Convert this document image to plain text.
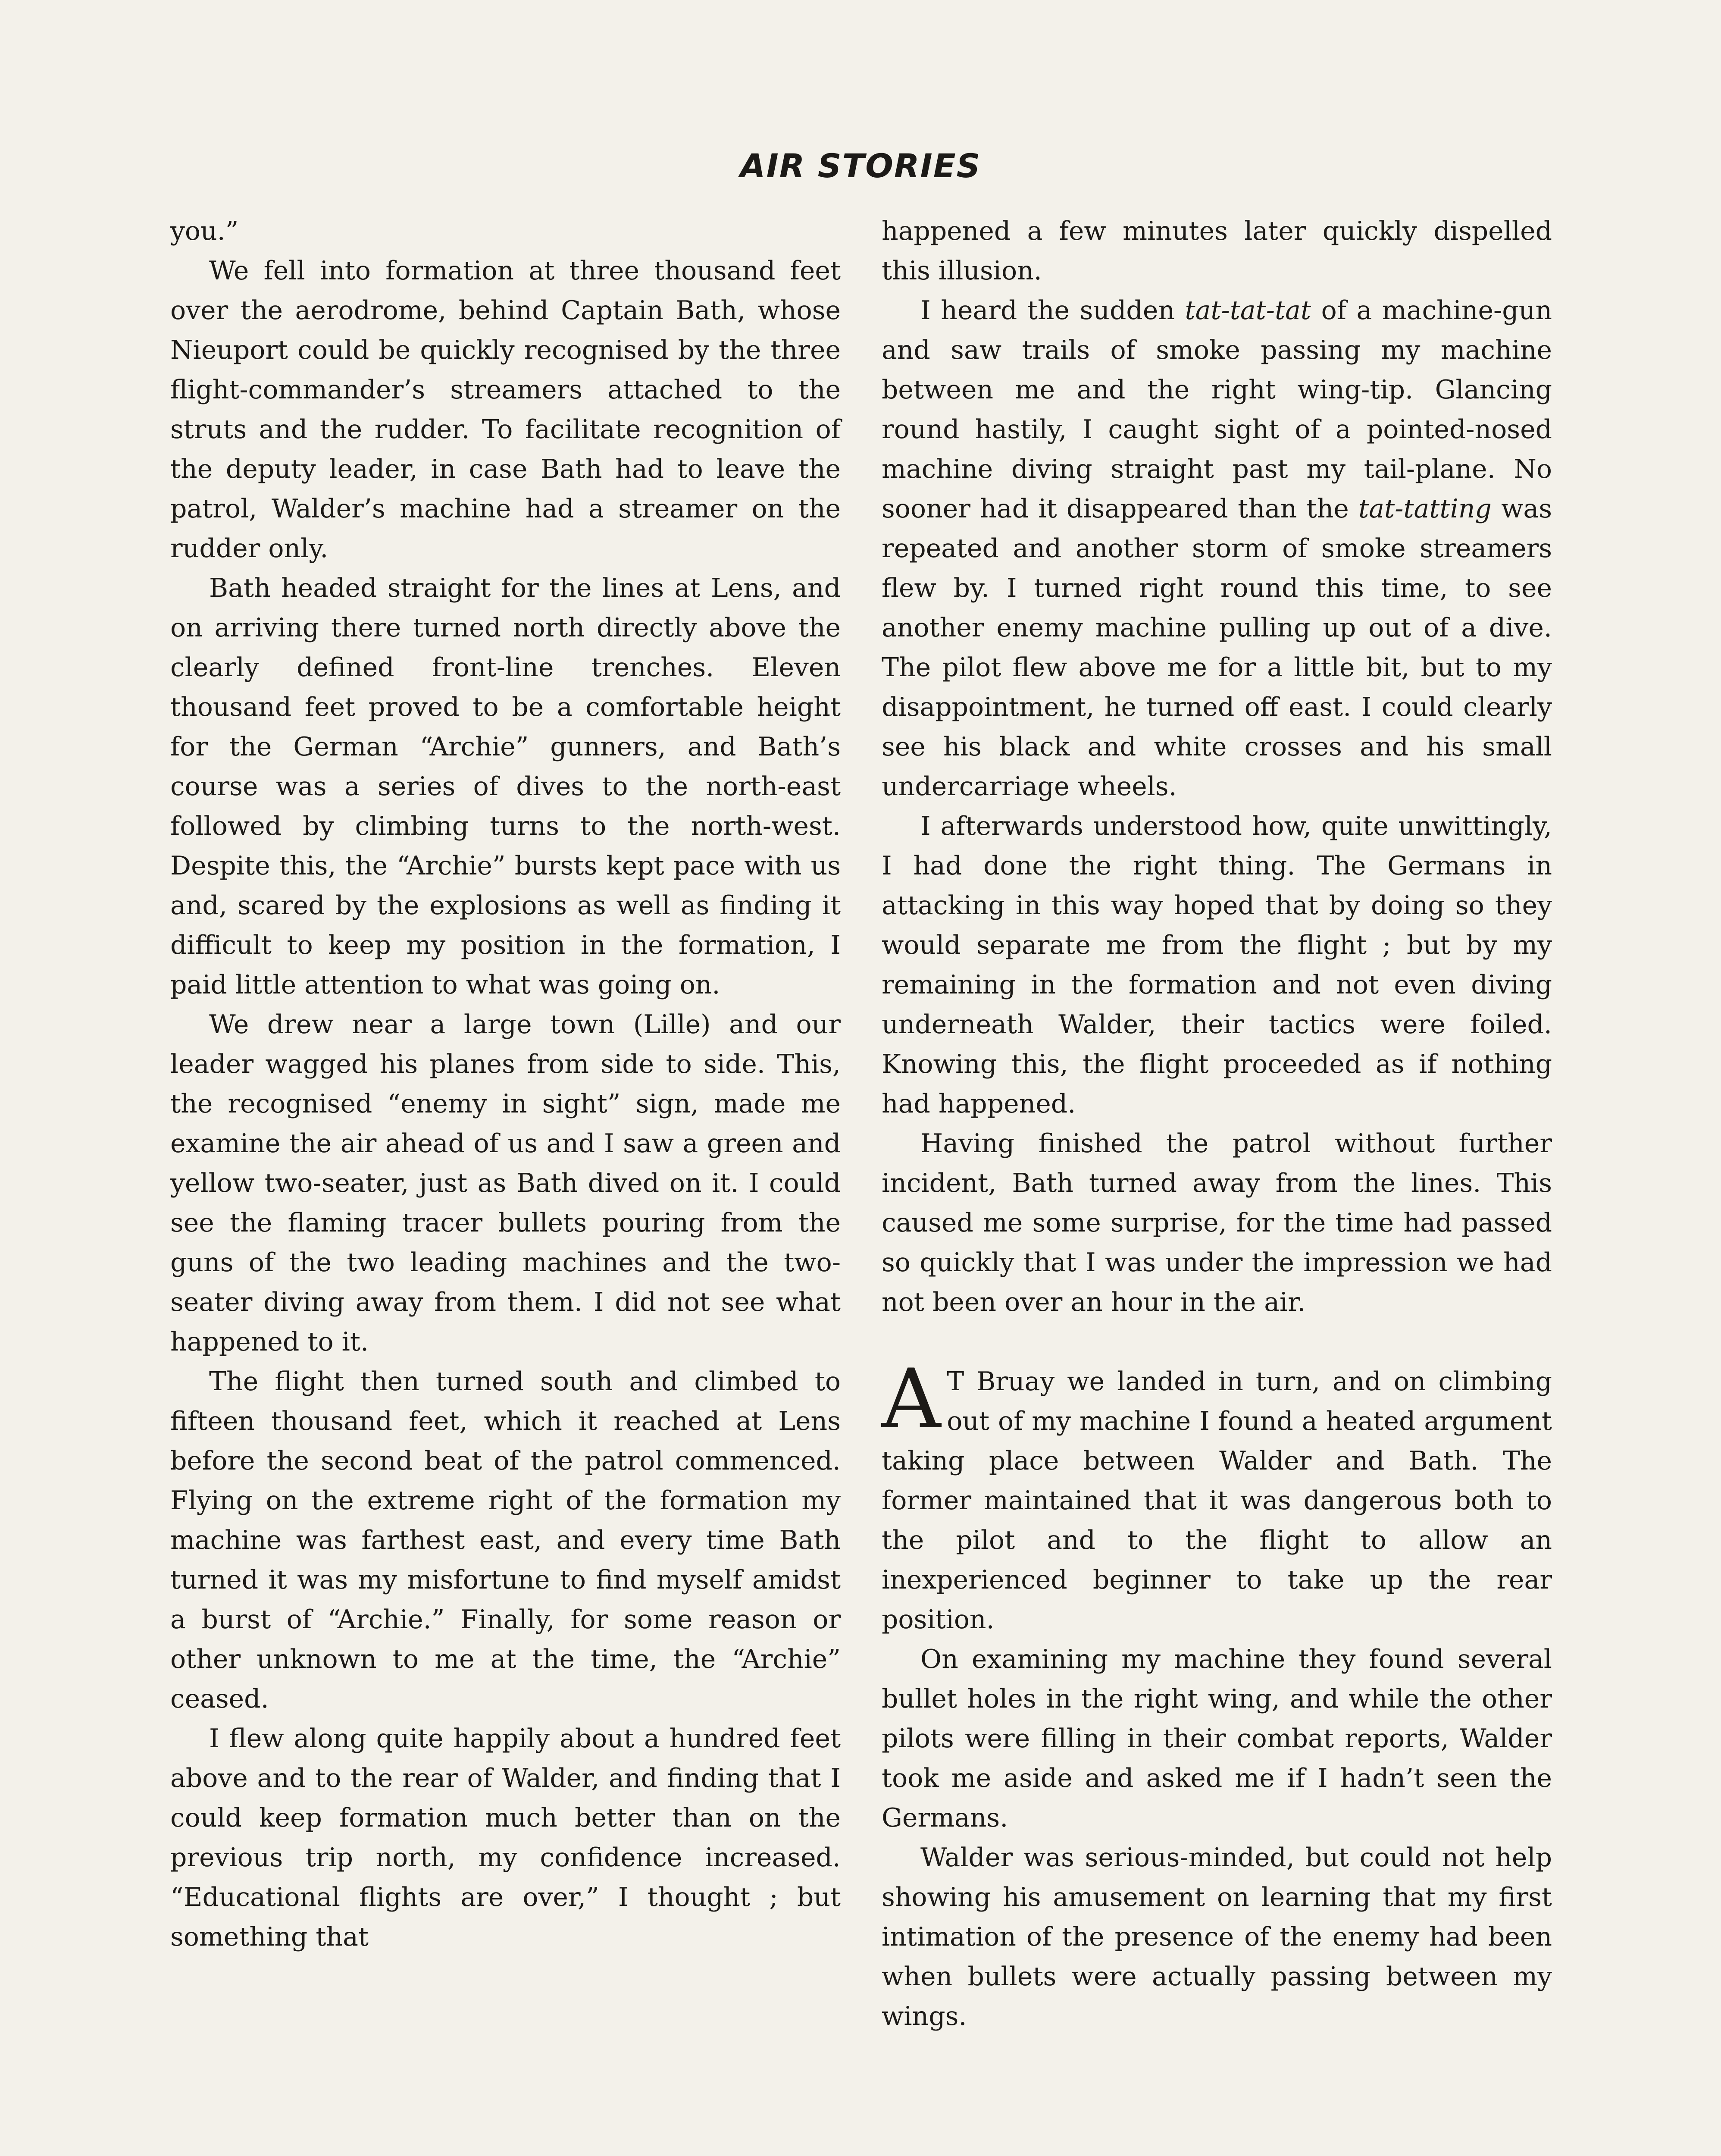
AIR STORIES

you.”

We fell into formation at three thousand feet over the aerodrome, behind Captain Bath, whose Nieuport could be quickly recognised by the three flight-commander’s streamers attached to the struts and the rudder. To facilitate recognition of the deputy leader, in case Bath had to leave the patrol, Walder’s machine had a streamer on the rudder only.

Bath headed straight for the lines at Lens, and on arriving there turned north directly above the clearly defined front-line trenches. Eleven thousand feet proved to be a comfortable height for the German “Archie” gunners, and Bath’s course was a series of dives to the north-east followed by climbing turns to the north-west. Despite this, the “Archie” bursts kept pace with us and, scared by the explosions as well as finding it difficult to keep my position in the formation, I paid little attention to what was going on.

We drew near a large town (Lille) and our leader wagged his planes from side to side. This, the recognised “enemy in sight” sign, made me examine the air ahead of us and I saw a green and yellow two-seater, just as Bath dived on it. I could see the flaming tracer bullets pouring from the guns of the two leading machines and the two-seater diving away from them. I did not see what happened to it.

The flight then turned south and climbed to fifteen thousand feet, which it reached at Lens before the second beat of the patrol commenced. Flying on the extreme right of the formation my machine was farthest east, and every time Bath turned it was my misfortune to find myself amidst a burst of “Archie.” Finally, for some reason or other unknown to me at the time, the “Archie” ceased.

I flew along quite happily about a hundred feet above and to the rear of Walder, and finding that I could keep formation much better than on the previous trip north, my confidence increased. “Educational flights are over,” I thought ; but something that

happened a few minutes later quickly dispelled this illusion.

I heard the sudden tat-tat-tat of a machine-gun and saw trails of smoke passing my machine between me and the right wing-tip. Glancing round hastily, I caught sight of a pointed-nosed machine diving straight past my tail-plane. No sooner had it disappeared than the tat-tatting was repeated and another storm of smoke streamers flew by. I turned right round this time, to see another enemy machine pulling up out of a dive. The pilot flew above me for a little bit, but to my disappointment, he turned off east. I could clearly see his black and white crosses and his small undercarriage wheels.

I afterwards understood how, quite unwittingly, I had done the right thing. The Germans in attacking in this way hoped that by doing so they would separate me from the flight ; but by my remaining in the formation and not even diving underneath Walder, their tactics were foiled. Knowing this, the flight proceeded as if nothing had happened.

Having finished the patrol without further incident, Bath turned away from the lines. This caused me some surprise, for the time had passed so quickly that I was under the impression we had not been over an hour in the air.

A T Bruay we landed in turn, and on climbing out of my machine I found a heated argument taking place between Walder and Bath. The former maintained that it was dangerous both to the pilot and to the flight to allow an inexperienced beginner to take up the rear position.

On examining my machine they found several bullet holes in the right wing, and while the other pilots were filling in their combat reports, Walder took me aside and asked me if I hadn’t seen the Germans.

Walder was serious-minded, but could not help showing his amusement on learning that my first intimation of the presence of the enemy had been when bullets were actually passing between my wings.
